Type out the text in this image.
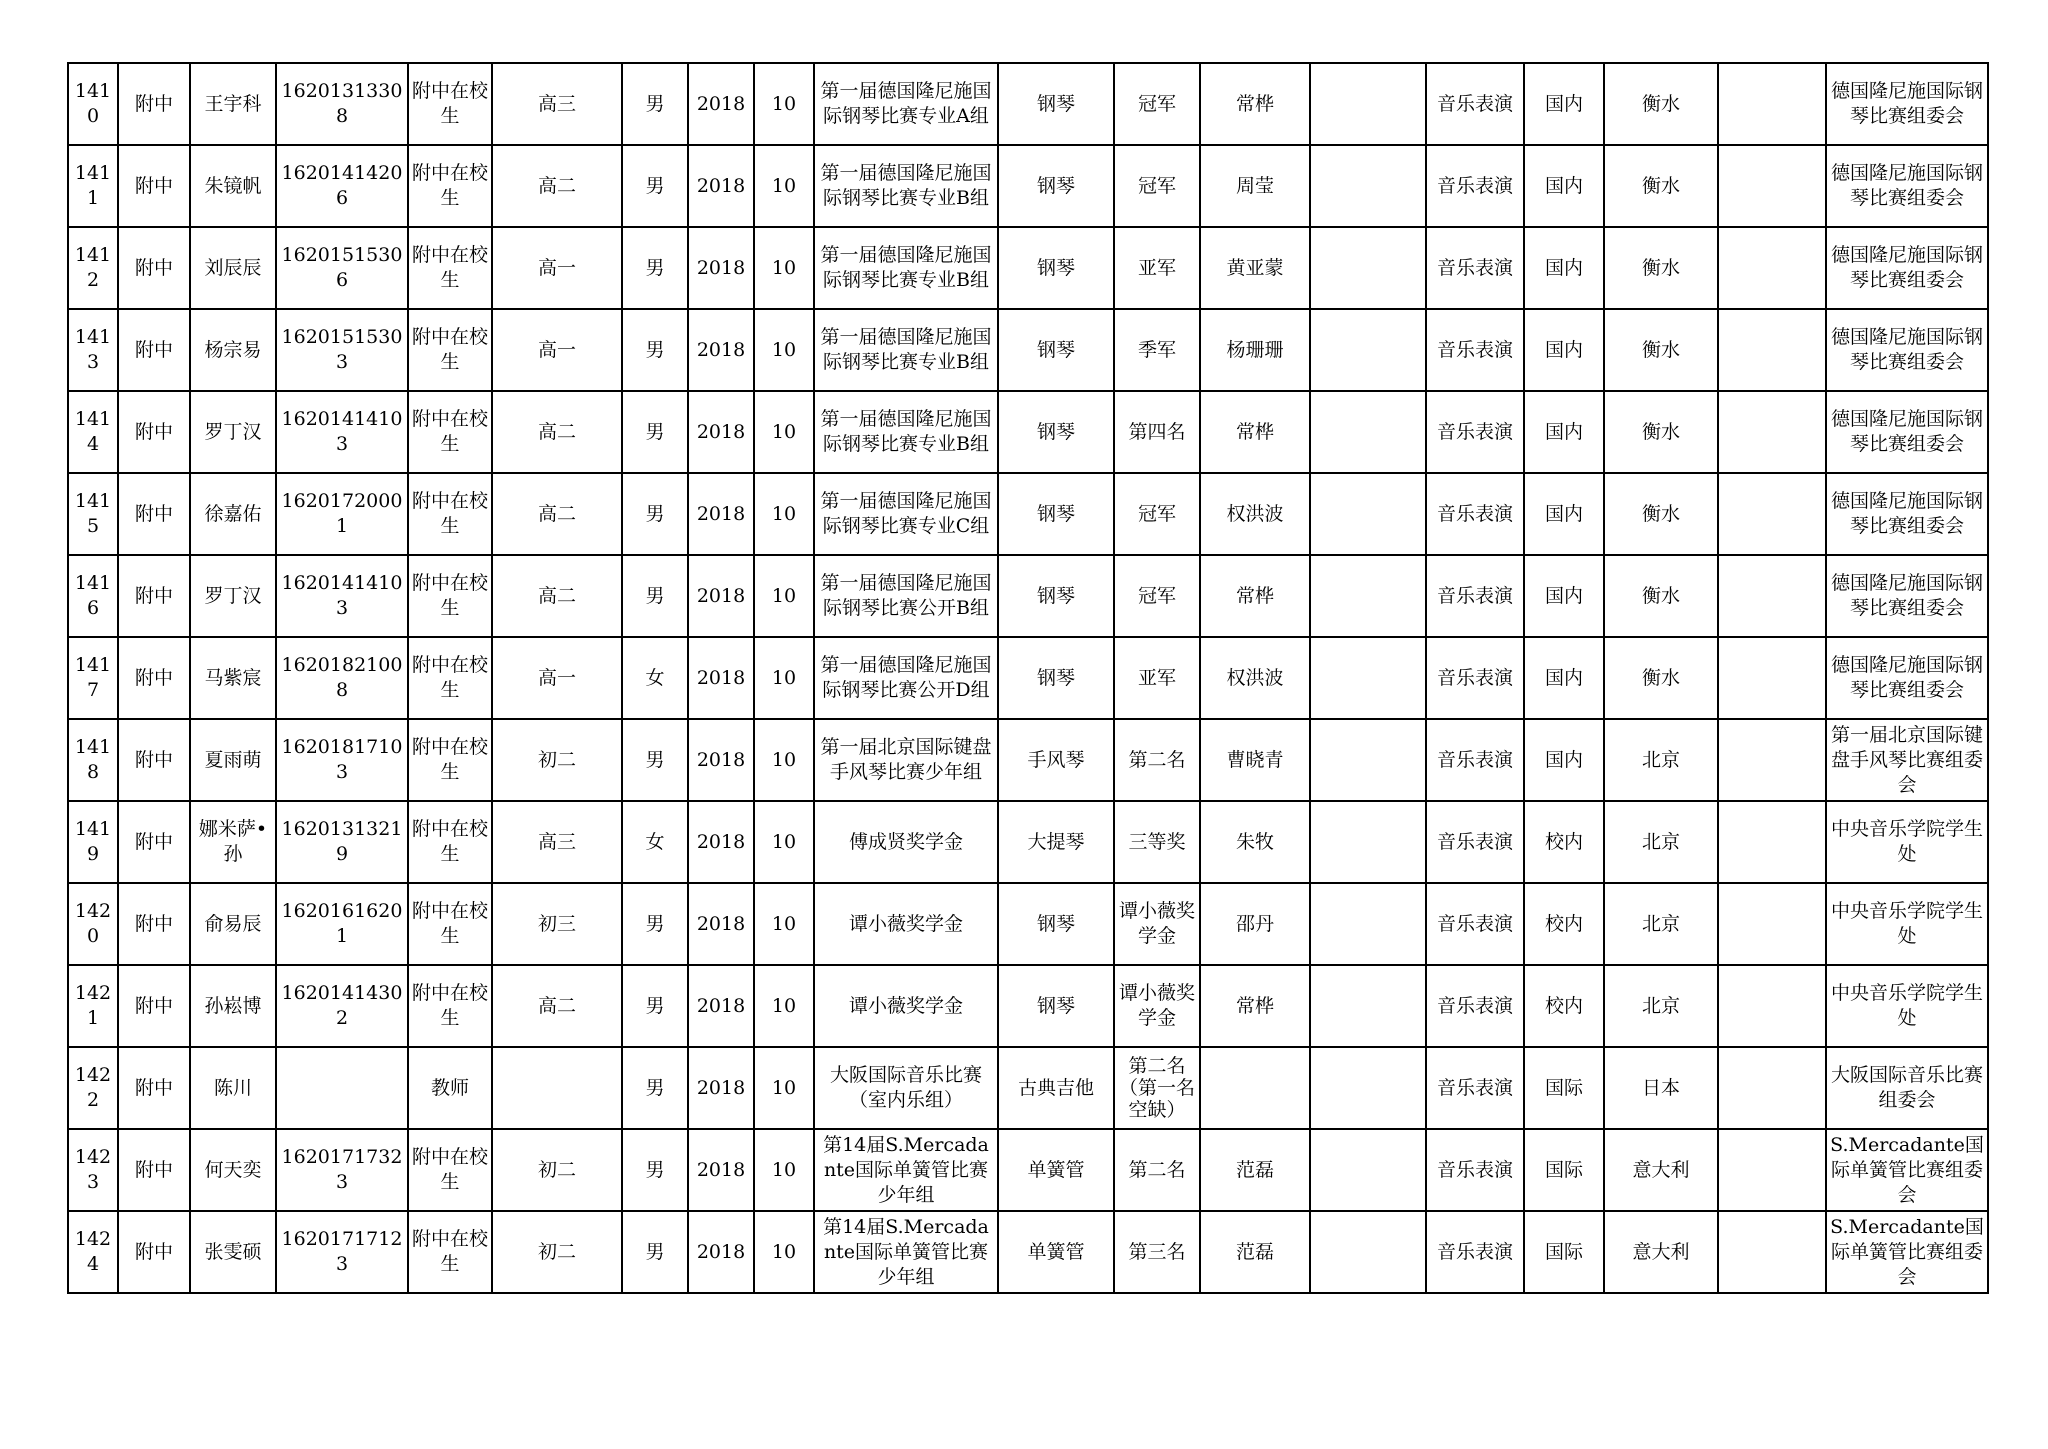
1410	附中	王宇科	16201313308	附中在校生	高三	男	2018	10	第一届德国隆尼施国际钢琴比赛专业A组	钢琴	冠军	常桦		音乐表演	国内	衡水		德国隆尼施国际钢琴比赛组委会
1411	附中	朱镜帆	16201414206	附中在校生	高二	男	2018	10	第一届德国隆尼施国际钢琴比赛专业B组	钢琴	冠军	周莹		音乐表演	国内	衡水		德国隆尼施国际钢琴比赛组委会
1412	附中	刘辰辰	16201515306	附中在校生	高一	男	2018	10	第一届德国隆尼施国际钢琴比赛专业B组	钢琴	亚军	黄亚蒙		音乐表演	国内	衡水		德国隆尼施国际钢琴比赛组委会
1413	附中	杨宗易	16201515303	附中在校生	高一	男	2018	10	第一届德国隆尼施国际钢琴比赛专业B组	钢琴	季军	杨珊珊		音乐表演	国内	衡水		德国隆尼施国际钢琴比赛组委会
1414	附中	罗丁汉	16201414103	附中在校生	高二	男	2018	10	第一届德国隆尼施国际钢琴比赛专业B组	钢琴	第四名	常桦		音乐表演	国内	衡水		德国隆尼施国际钢琴比赛组委会
1415	附中	徐嘉佑	16201720001	附中在校生	高二	男	2018	10	第一届德国隆尼施国际钢琴比赛专业C组	钢琴	冠军	权洪波		音乐表演	国内	衡水		德国隆尼施国际钢琴比赛组委会
1416	附中	罗丁汉	16201414103	附中在校生	高二	男	2018	10	第一届德国隆尼施国际钢琴比赛公开B组	钢琴	冠军	常桦		音乐表演	国内	衡水		德国隆尼施国际钢琴比赛组委会
1417	附中	马紫宸	16201821008	附中在校生	高一	女	2018	10	第一届德国隆尼施国际钢琴比赛公开D组	钢琴	亚军	权洪波		音乐表演	国内	衡水		德国隆尼施国际钢琴比赛组委会
1418	附中	夏雨萌	16201817103	附中在校生	初二	男	2018	10	第一届北京国际键盘手风琴比赛少年组	手风琴	第二名	曹晓青		音乐表演	国内	北京		第一届北京国际键盘手风琴比赛组委会
1419	附中	娜米萨•孙	16201313219	附中在校生	高三	女	2018	10	傅成贤奖学金	大提琴	三等奖	朱牧		音乐表演	校内	北京		中央音乐学院学生处
1420	附中	俞易辰	16201616201	附中在校生	初三	男	2018	10	谭小薇奖学金	钢琴	谭小薇奖学金	邵丹		音乐表演	校内	北京		中央音乐学院学生处
1421	附中	孙崧博	16201414302	附中在校生	高二	男	2018	10	谭小薇奖学金	钢琴	谭小薇奖学金	常桦		音乐表演	校内	北京		中央音乐学院学生处
1422	附中	陈川		教师		男	2018	10	大阪国际音乐比赛（室内乐组）	古典吉他	第二名（第一名空缺）			音乐表演	国际	日本		大阪国际音乐比赛组委会
1423	附中	何天奕	16201717323	附中在校生	初二	男	2018	10	第14届S.Mercadante国际单簧管比赛少年组	单簧管	第二名	范磊		音乐表演	国际	意大利		S.Mercadante国际单簧管比赛组委会
1424	附中	张雯硕	16201717123	附中在校生	初二	男	2018	10	第14届S.Mercadante国际单簧管比赛少年组	单簧管	第三名	范磊		音乐表演	国际	意大利		S.Mercadante国际单簧管比赛组委会
